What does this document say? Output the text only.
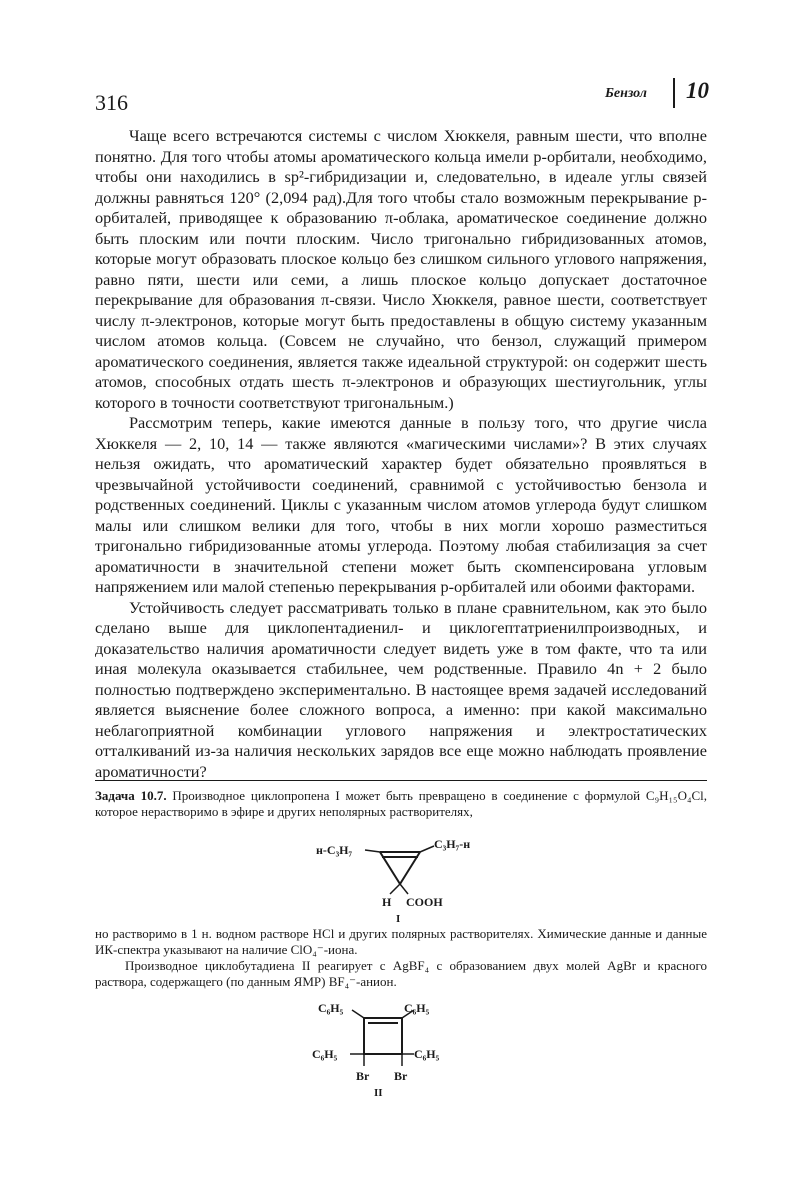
316	Бензол 10

Чаще всего встречаются системы с числом Хюккеля, равным шести, что вполне понятно. Для того чтобы атомы ароматического кольца имели p-орбитали, необходимо, чтобы они находились в sp²-гибридизации и, следовательно, в идеале углы связей должны равняться 120° (2,094 рад).Для того чтобы стало возможным перекрывание p-орбиталей, приводящее к образованию π-облака, ароматическое соединение должно быть плоским или почти плоским. Число тригонально гибридизованных атомов, которые могут образовать плоское кольцо без слишком сильного углового напряжения, равно пяти, шести или семи, а лишь плоское кольцо допускает достаточное перекрывание для образования π-связи. Число Хюккеля, равное шести, соответствует числу π-электронов, которые могут быть предоставлены в общую систему указанным числом атомов кольца. (Совсем не случайно, что бензол, служащий примером ароматического соединения, является также идеальной структурой: он содержит шесть атомов, способных отдать шесть π-электронов и образующих шестиугольник, углы которого в точности соответствуют тригональным.)

Рассмотрим теперь, какие имеются данные в пользу того, что другие числа Хюккеля — 2, 10, 14 — также являются «магическими числами»? В этих случаях нельзя ожидать, что ароматический характер будет обязательно проявляться в чрезвычайной устойчивости соединений, сравнимой с устойчивостью бензола и родственных соединений. Циклы с указанным числом атомов углерода будут слишком малы или слишком велики для того, чтобы в них могли хорошо разместиться тригонально гибридизованные атомы углерода. Поэтому любая стабилизация за счет ароматичности в значительной степени может быть скомпенсирована угловым напряжением или малой степенью перекрывания p-орбиталей или обоими факторами.

Устойчивость следует рассматривать только в плане сравнительном, как это было сделано выше для циклопентадиенил- и циклогептатриенилпроизводных, и доказательство наличия ароматичности следует видеть уже в том факте, что та или иная молекула оказывается стабильнее, чем родственные. Правило 4n + 2 было полностью подтверждено экспериментально. В настоящее время задачей исследований является выяснение более сложного вопроса, а именно: при какой максимально неблагоприятной комбинации углового напряжения и электростатических отталкиваний из-за наличия нескольких зарядов все еще можно наблюдать проявление ароматичности?

Задача 10.7. Производное циклопропена I может быть превращено в соединение с формулой C₉H₁₅O₄Cl, которое нерастворимо в эфире и других неполярных растворителях,

н-C₃H₇	C₃H₇-н
H COOH
I

но растворимо в 1 н. водном растворе HCl и других полярных растворителях. Химические данные и данные ИК-спектра указывают на наличие ClO₄⁻-иона.

Производное циклобутадиена II реагирует с AgBF₄ с образованием двух молей AgBr и красного раствора, содержащего (по данным ЯМР) BF₄⁻-анион.

C₆H₅	C₆H₅
C₆H₅	C₆H₅
Br Br
II
